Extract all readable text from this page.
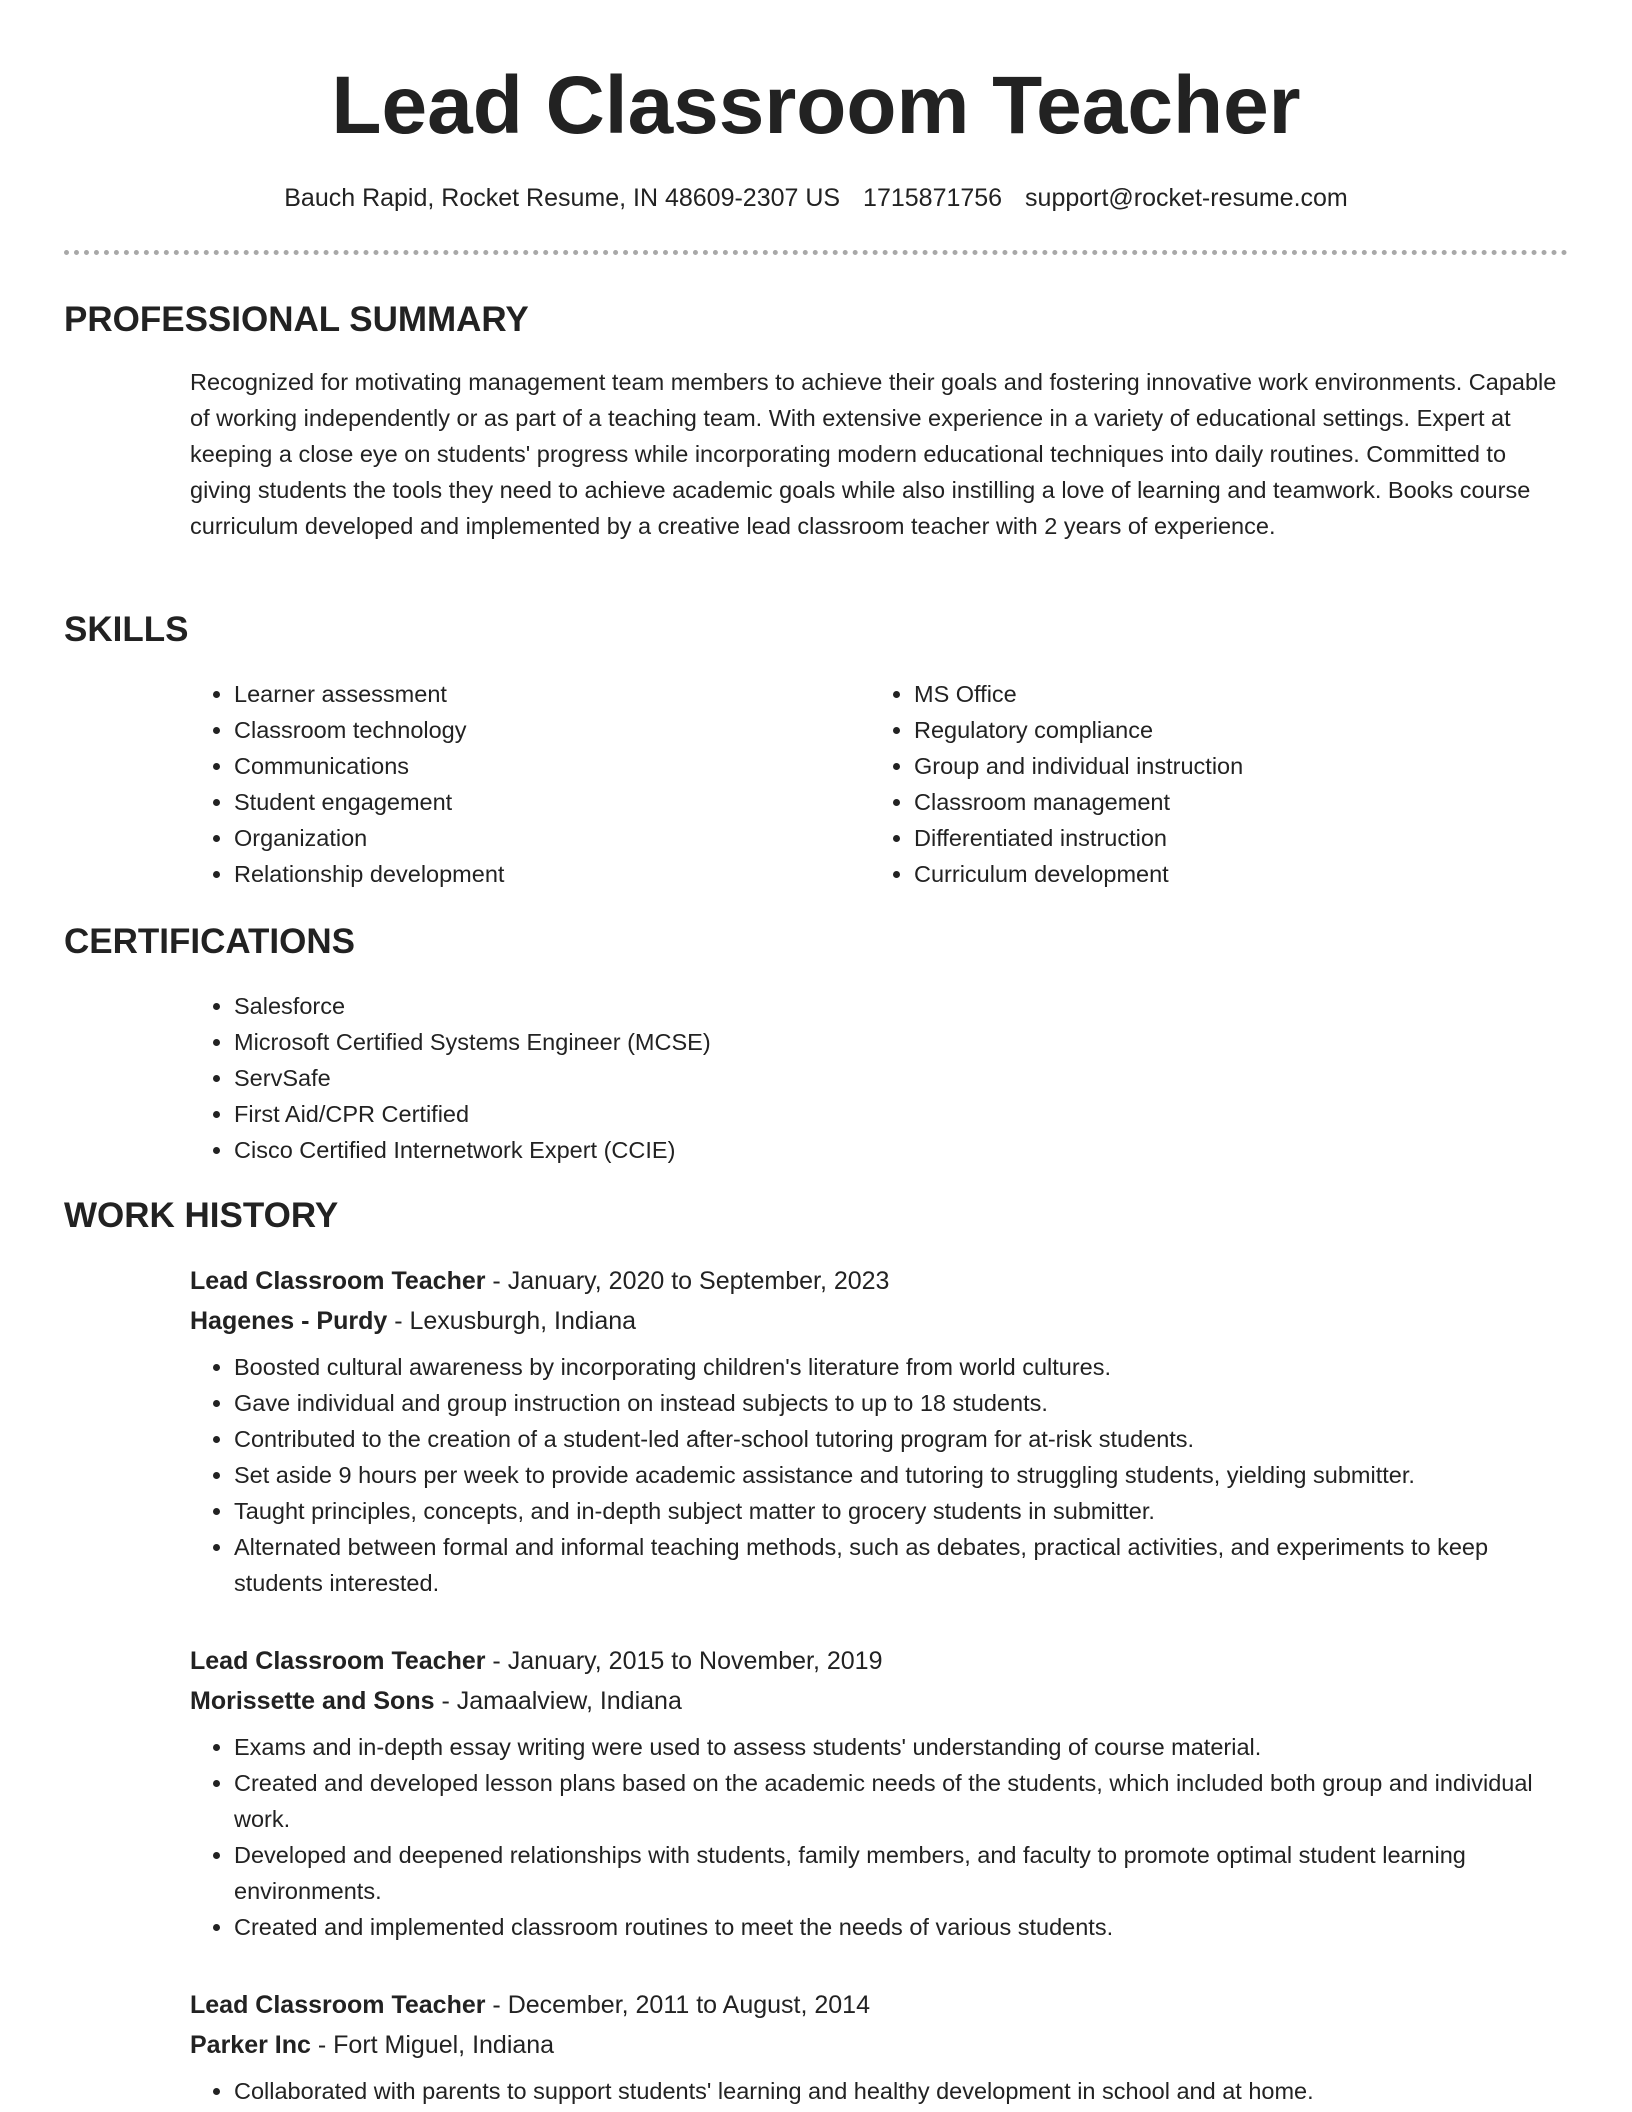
Lead Classroom Teacher
Bauch Rapid, Rocket Resume, IN 48609-2307 US 1715871756 support@rocket-resume.com
PROFESSIONAL SUMMARY

Recognized for motivating management team members to achieve their goals and fostering innovative work environments. Capable of working independently or as part of a teaching team. With extensive experience in a variety of educational settings. Expert at keeping a close eye on students' progress while incorporating modern educational techniques into daily routines. Committed to giving students the tools they need to achieve academic goals while also instilling a love of learning and teamwork. Books course curriculum developed and implemented by a creative lead classroom teacher with 2 years of experience.

SKILLS
• Learner assessment
• Classroom technology
• Communications
• Student engagement
• Organization
• Relationship development
• MS Office
• Regulatory compliance
• Group and individual instruction
• Classroom management
• Differentiated instruction
• Curriculum development
CERTIFICATIONS
• Salesforce
• Microsoft Certified Systems Engineer (MCSE)
• ServSafe
• First Aid/CPR Certified
• Cisco Certified Internetwork Expert (CCIE)
WORK HISTORY
Lead Classroom Teacher - January, 2020 to September, 2023
Hagenes - Purdy - Lexusburgh, Indiana
• Boosted cultural awareness by incorporating children's literature from world cultures.
• Gave individual and group instruction on instead subjects to up to 18 students.
• Contributed to the creation of a student-led after-school tutoring program for at-risk students.
• Set aside 9 hours per week to provide academic assistance and tutoring to struggling students, yielding submitter.
• Taught principles, concepts, and in-depth subject matter to grocery students in submitter.
• Alternated between formal and informal teaching methods, such as debates, practical activities, and experiments to keep students interested.
Lead Classroom Teacher - January, 2015 to November, 2019
Morissette and Sons - Jamaalview, Indiana
• Exams and in-depth essay writing were used to assess students' understanding of course material.
• Created and developed lesson plans based on the academic needs of the students, which included both group and individual work.
• Developed and deepened relationships with students, family members, and faculty to promote optimal student learning environments.
• Created and implemented classroom routines to meet the needs of various students.
Lead Classroom Teacher - December, 2011 to August, 2014
Parker Inc - Fort Miguel, Indiana
• Collaborated with parents to support students' learning and healthy development in school and at home.
